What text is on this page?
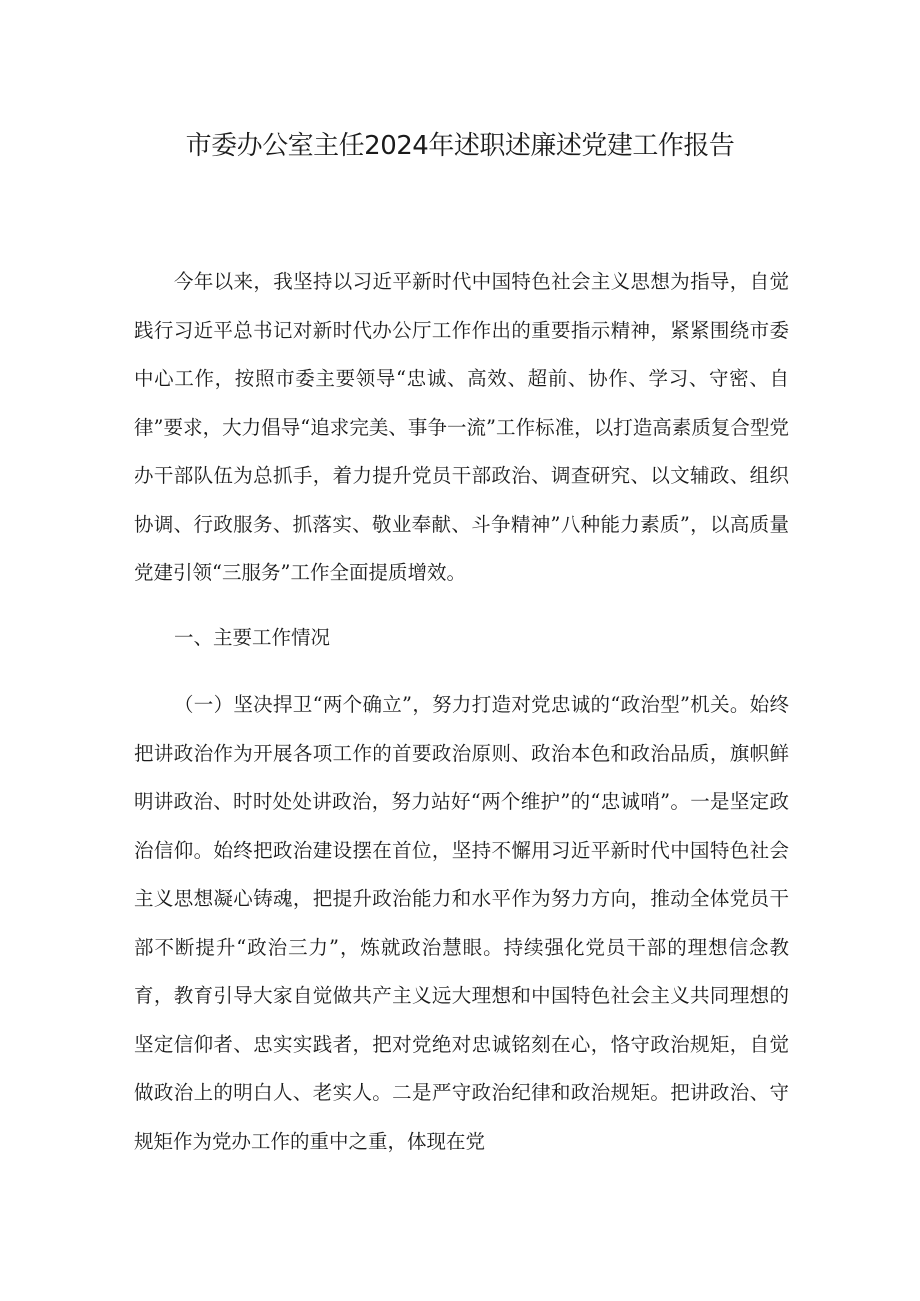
市委办公室主任2024年述职述廉述党建工作报告

今年以来，我坚持以习近平新时代中国特色社会主义思想为指导，自觉践行习近平总书记对新时代办公厅工作作出的重要指示精神，紧紧围绕市委中心工作，按照市委主要领导“忠诚、高效、超前、协作、学习、守密、自律”要求，大力倡导“追求完美、事争一流”工作标准，以打造高素质复合型党办干部队伍为总抓手，着力提升党员干部政治、调查研究、以文辅政、组织协调、行政服务、抓落实、敬业奉献、斗争精神”八种能力素质”，以高质量党建引领“三服务”工作全面提质增效。

一、主要工作情况

（一）坚决捍卫“两个确立”，努力打造对党忠诚的“政治型”机关。始终把讲政治作为开展各项工作的首要政治原则、政治本色和政治品质，旗帜鲜明讲政治、时时处处讲政治，努力站好“两个维护”的“忠诚哨”。一是坚定政治信仰。始终把政治建设摆在首位，坚持不懈用习近平新时代中国特色社会主义思想凝心铸魂，把提升政治能力和水平作为努力方向，推动全体党员干部不断提升“政治三力”，炼就政治慧眼。持续强化党员干部的理想信念教育，教育引导大家自觉做共产主义远大理想和中国特色社会主义共同理想的坚定信仰者、忠实实践者，把对党绝对忠诚铭刻在心，恪守政治规矩，自觉做政治上的明白人、老实人。二是严守政治纪律和政治规矩。把讲政治、守规矩作为党办工作的重中之重，体现在党
